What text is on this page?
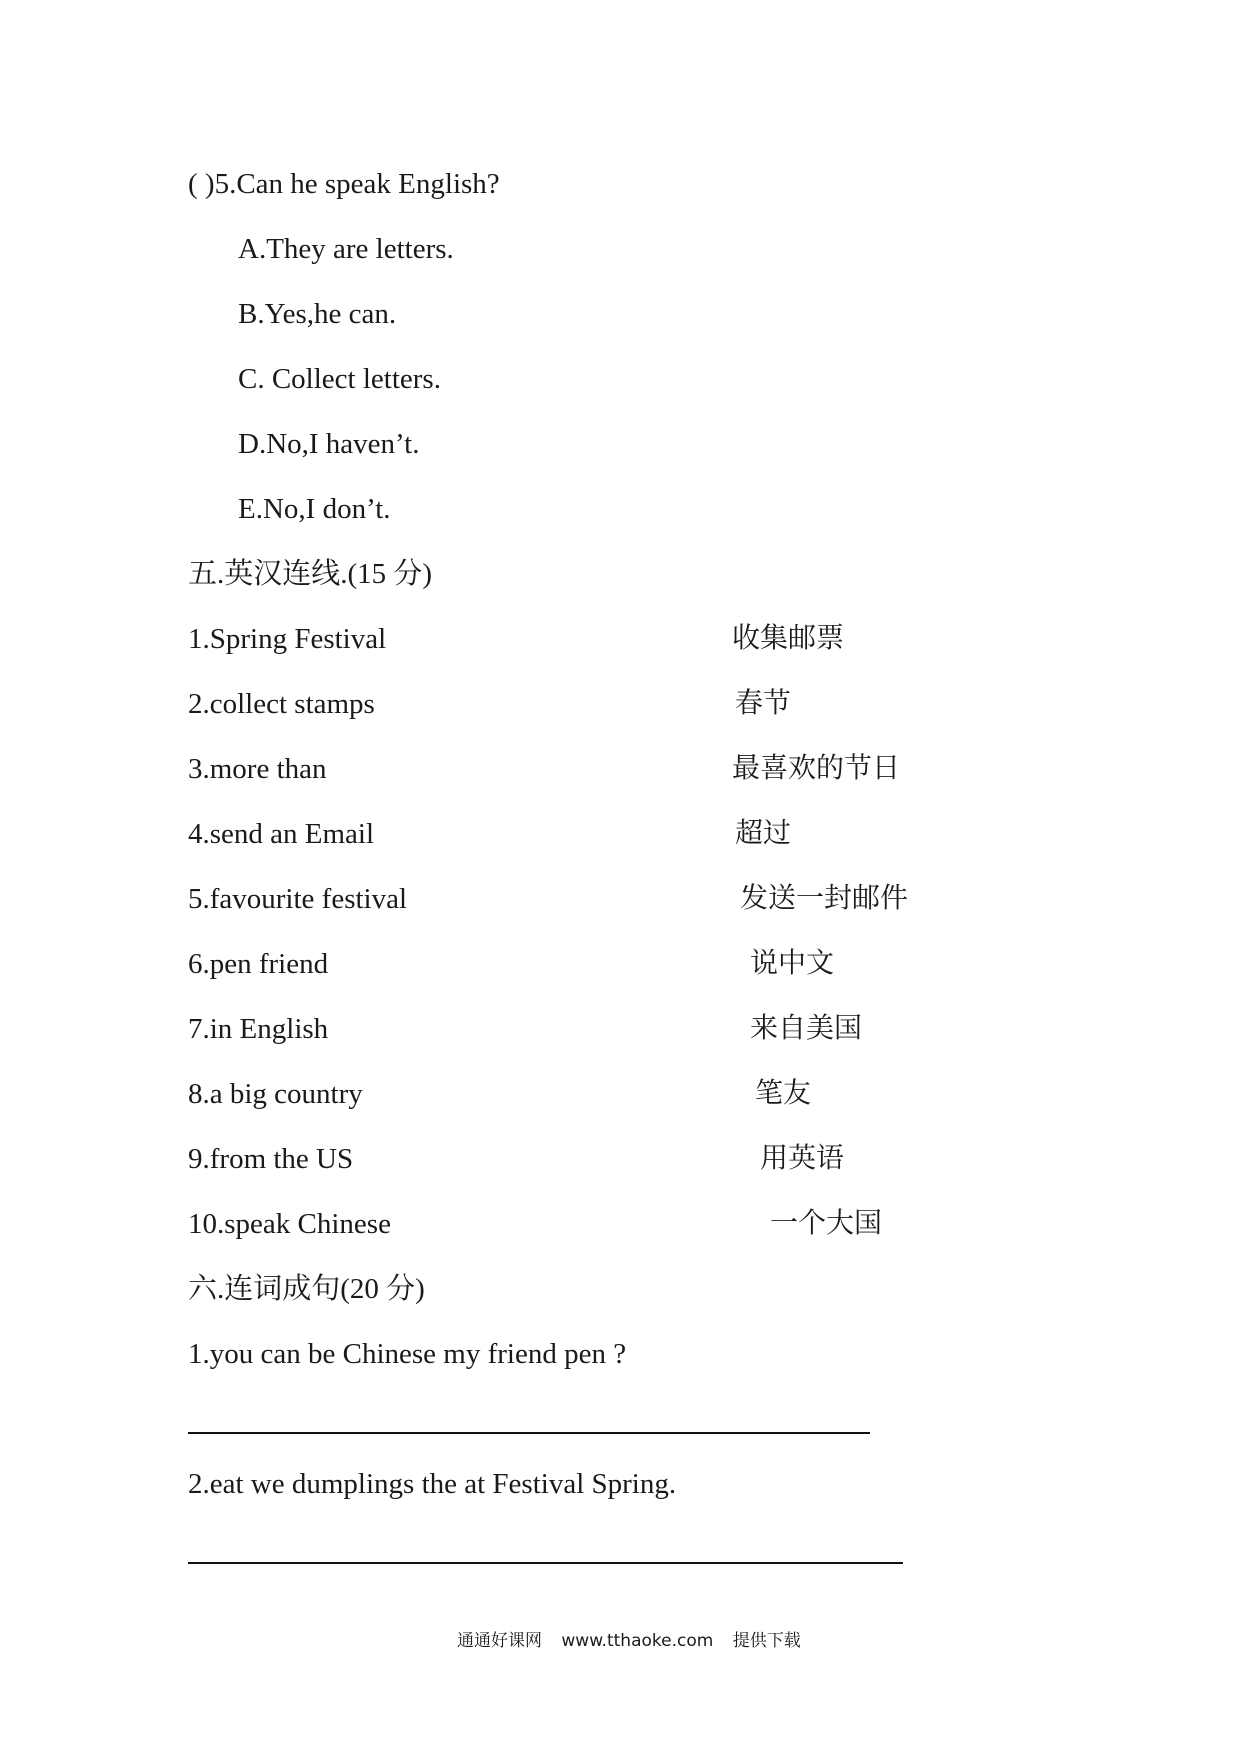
( )5.Can he speak English?
A.They are letters.
B.Yes,he can.
C. Collect letters.
D.No,I haven’t.
E.No,I don’t.
五.英汉连线.(15 分)
1.Spring Festival
2.collect stamps
3.more than
4.send an Email
5.favourite festival
6.pen friend
7.in English
8.a big country
9.from the US
10.speak Chinese
收集邮票
春节
最喜欢的节日
超过
发送一封邮件
说中文
来自美国
笔友
用英语
一个大国
六.连词成句(20 分)
1.you can be Chinese my friend pen ?
2.eat we dumplings the at Festival Spring.
通通好课网 www.tthaoke.com 提供下载
